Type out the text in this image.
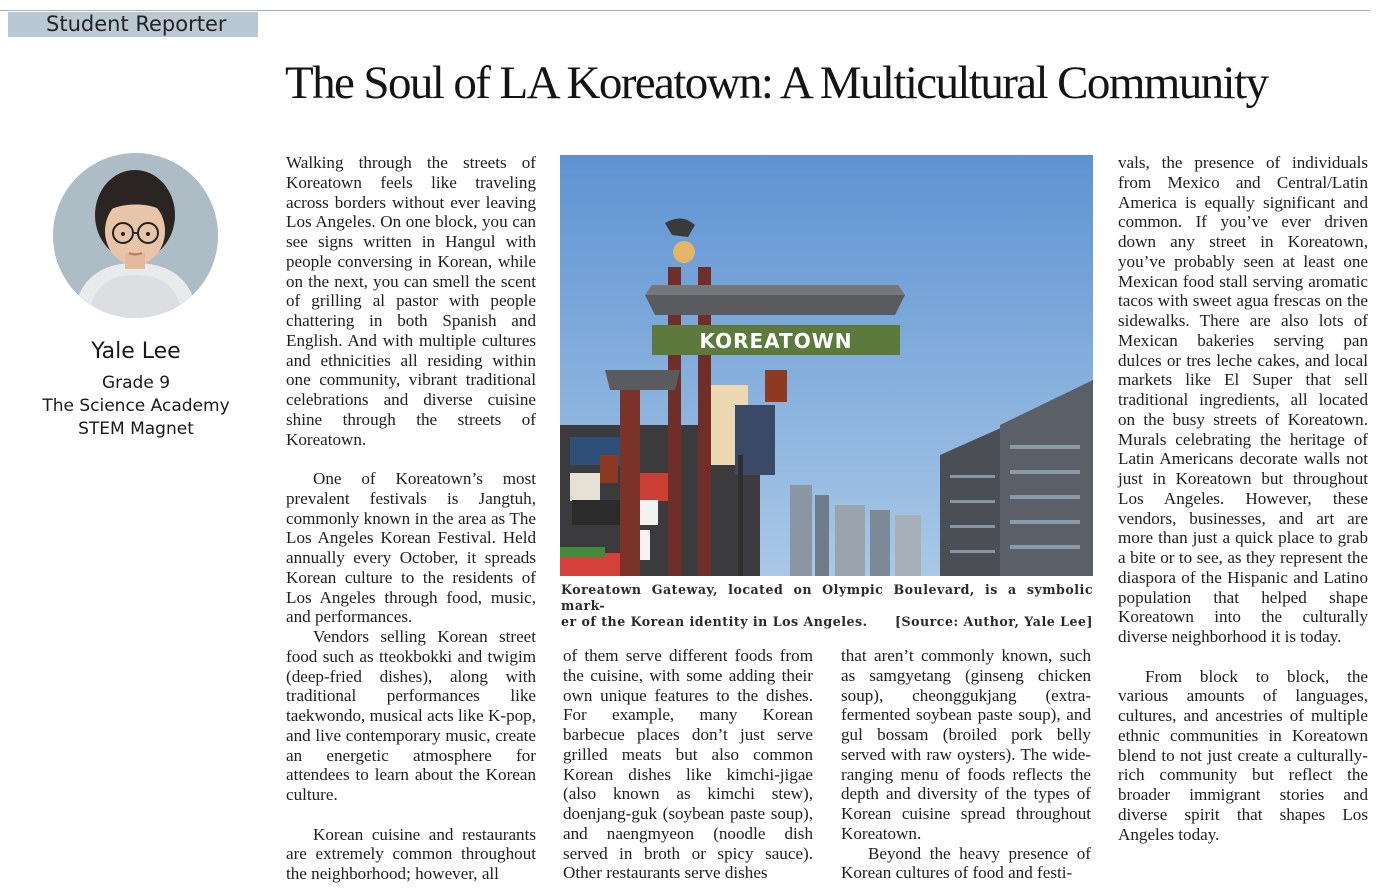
Student Reporter
The Soul of LA Koreatown: A Multicultural Community
Yale Lee
Grade 9
The Science Academy
STEM Magnet

Walking through the streets of Koreatown feels like traveling across borders without ever leaving Los Angeles. On one block, you can see signs written in Hangul with people conversing in Korean, while on the next, you can smell the scent of grilling al pastor with people chattering in both Spanish and English. And with multiple cultures and ethnicities all residing within one community, vibrant traditional celebrations and diverse cuisine shine through the streets of Koreatown.

One of Koreatown’s most prevalent festivals is Jangtuh, commonly known in the area as The Los Angeles Korean Festival. Held annually every October, it spreads Korean culture to the residents of Los Angeles through food, music, and performances.

Vendors selling Korean street food such as tteokbokki and twigim (deep-fried dishes), along with traditional performances like taekwondo, musical acts like K-pop, and live contemporary music, create an energetic atmosphere for attendees to learn about the Korean culture.

Korean cuisine and restaurants are extremely common throughout the neighborhood; however, all

KOREATOWN
Koreatown Gateway, located on Olympic Boulevard, is a symbolic mark-
er of the Korean identity in Los Angeles. [Source: Author, Yale Lee]

of them serve different foods from the cuisine, with some adding their own unique features to the dishes. For example, many Korean barbecue places don’t just serve grilled meats but also common Korean dishes like kimchi-jigae (also known as kimchi stew), doenjang-guk (soybean paste soup), and naengmyeon (noodle dish served in broth or spicy sauce). Other restaurants serve dishes

that aren’t commonly known, such as samgyetang (ginseng chicken soup), cheonggukjang (extra-fermented soybean paste soup), and gul bossam (broiled pork belly served with raw oysters). The wide- ranging menu of foods reflects the depth and diversity of the types of Korean cuisine spread throughout Koreatown.

Beyond the heavy presence of Korean cultures of food and festi-

vals, the presence of individuals from Mexico and Central/Latin America is equally significant and common. If you’ve ever driven down any street in Koreatown, you’ve probably seen at least one Mexican food stall serving aromatic tacos with sweet agua frescas on the sidewalks. There are also lots of Mexican bakeries serving pan dulces or tres leche cakes, and local markets like El Super that sell traditional ingredients, all located on the busy streets of Koreatown. Murals celebrating the heritage of Latin Americans decorate walls not just in Koreatown but throughout Los Angeles. However, these vendors, businesses, and art are more than just a quick place to grab a bite or to see, as they represent the diaspora of the Hispanic and Latino population that helped shape Koreatown into the culturally diverse neighborhood it is today.

From block to block, the various amounts of languages, cultures, and ancestries of multiple ethnic communities in Koreatown blend to not just create a culturally-rich community but reflect the broader immigrant stories and diverse spirit that shapes Los Angeles today.
